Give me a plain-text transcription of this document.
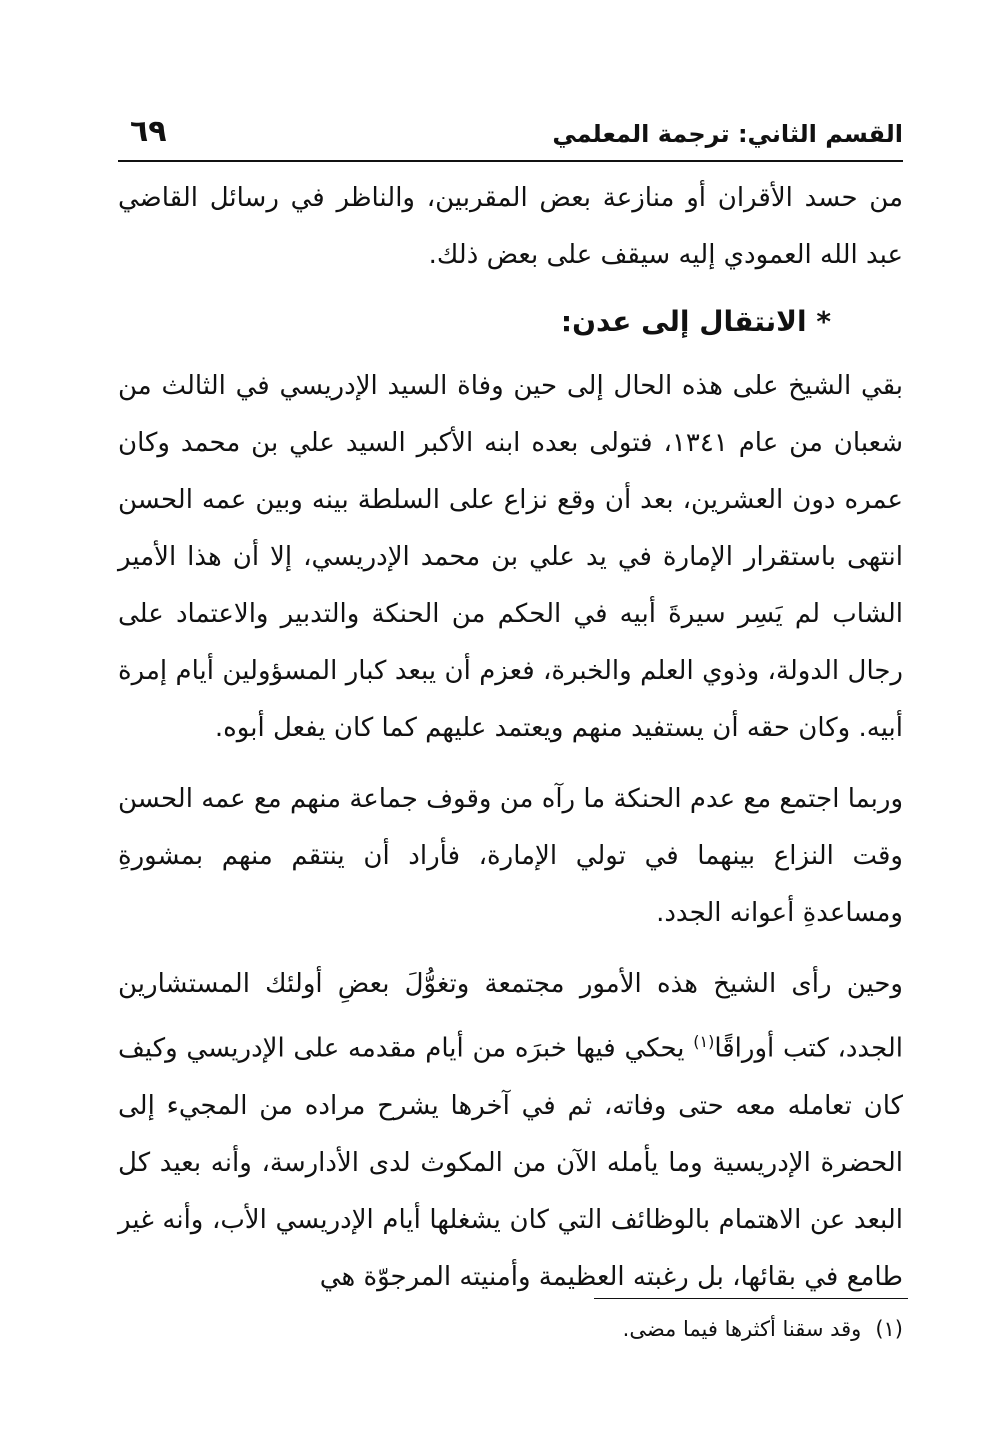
القسم الثاني: ترجمة المعلمي
٦٩

من حسد الأقران أو منازعة بعض المقربين، والناظر في رسائل القاضي عبد الله العمودي إليه سيقف على بعض ذلك.

* الانتقال إلى عدن:

بقي الشيخ على هذه الحال إلى حين وفاة السيد الإدريسي في الثالث من شعبان من عام ١٣٤١، فتولى بعده ابنه الأكبر السيد علي بن محمد وكان عمره دون العشرين، بعد أن وقع نزاع على السلطة بينه وبين عمه الحسن انتهى باستقرار الإمارة في يد علي بن محمد الإدريسي، إلا أن هذا الأمير الشاب لم يَسِر سيرةَ أبيه في الحكم من الحنكة والتدبير والاعتماد على رجال الدولة، وذوي العلم والخبرة، فعزم أن يبعد كبار المسؤولين أيام إمرة أبيه. وكان حقه أن يستفيد منهم ويعتمد عليهم كما كان يفعل أبوه.

وربما اجتمع مع عدم الحنكة ما رآه من وقوف جماعة منهم مع عمه الحسن وقت النزاع بينهما في تولي الإمارة، فأراد أن ينتقم منهم بمشورةِ ومساعدةِ أعوانه الجدد.

وحين رأى الشيخ هذه الأمور مجتمعة وتغوُّلَ بعضِ أولئك المستشارين الجدد، كتب أوراقًا$^{(١)}$ يحكي فيها خبرَه من أيام مقدمه على الإدريسي وكيف كان تعامله معه حتى وفاته، ثم في آخرها يشرح مراده من المجيء إلى الحضرة الإدريسية وما يأمله الآن من المكوث لدى الأدارسة، وأنه بعيد كل البعد عن الاهتمام بالوظائف التي كان يشغلها أيام الإدريسي الأب، وأنه غير طامع في بقائها، بل رغبته العظيمة وأمنيته المرجوّة هي

(١)وقد سقنا أكثرها فيما مضى.
